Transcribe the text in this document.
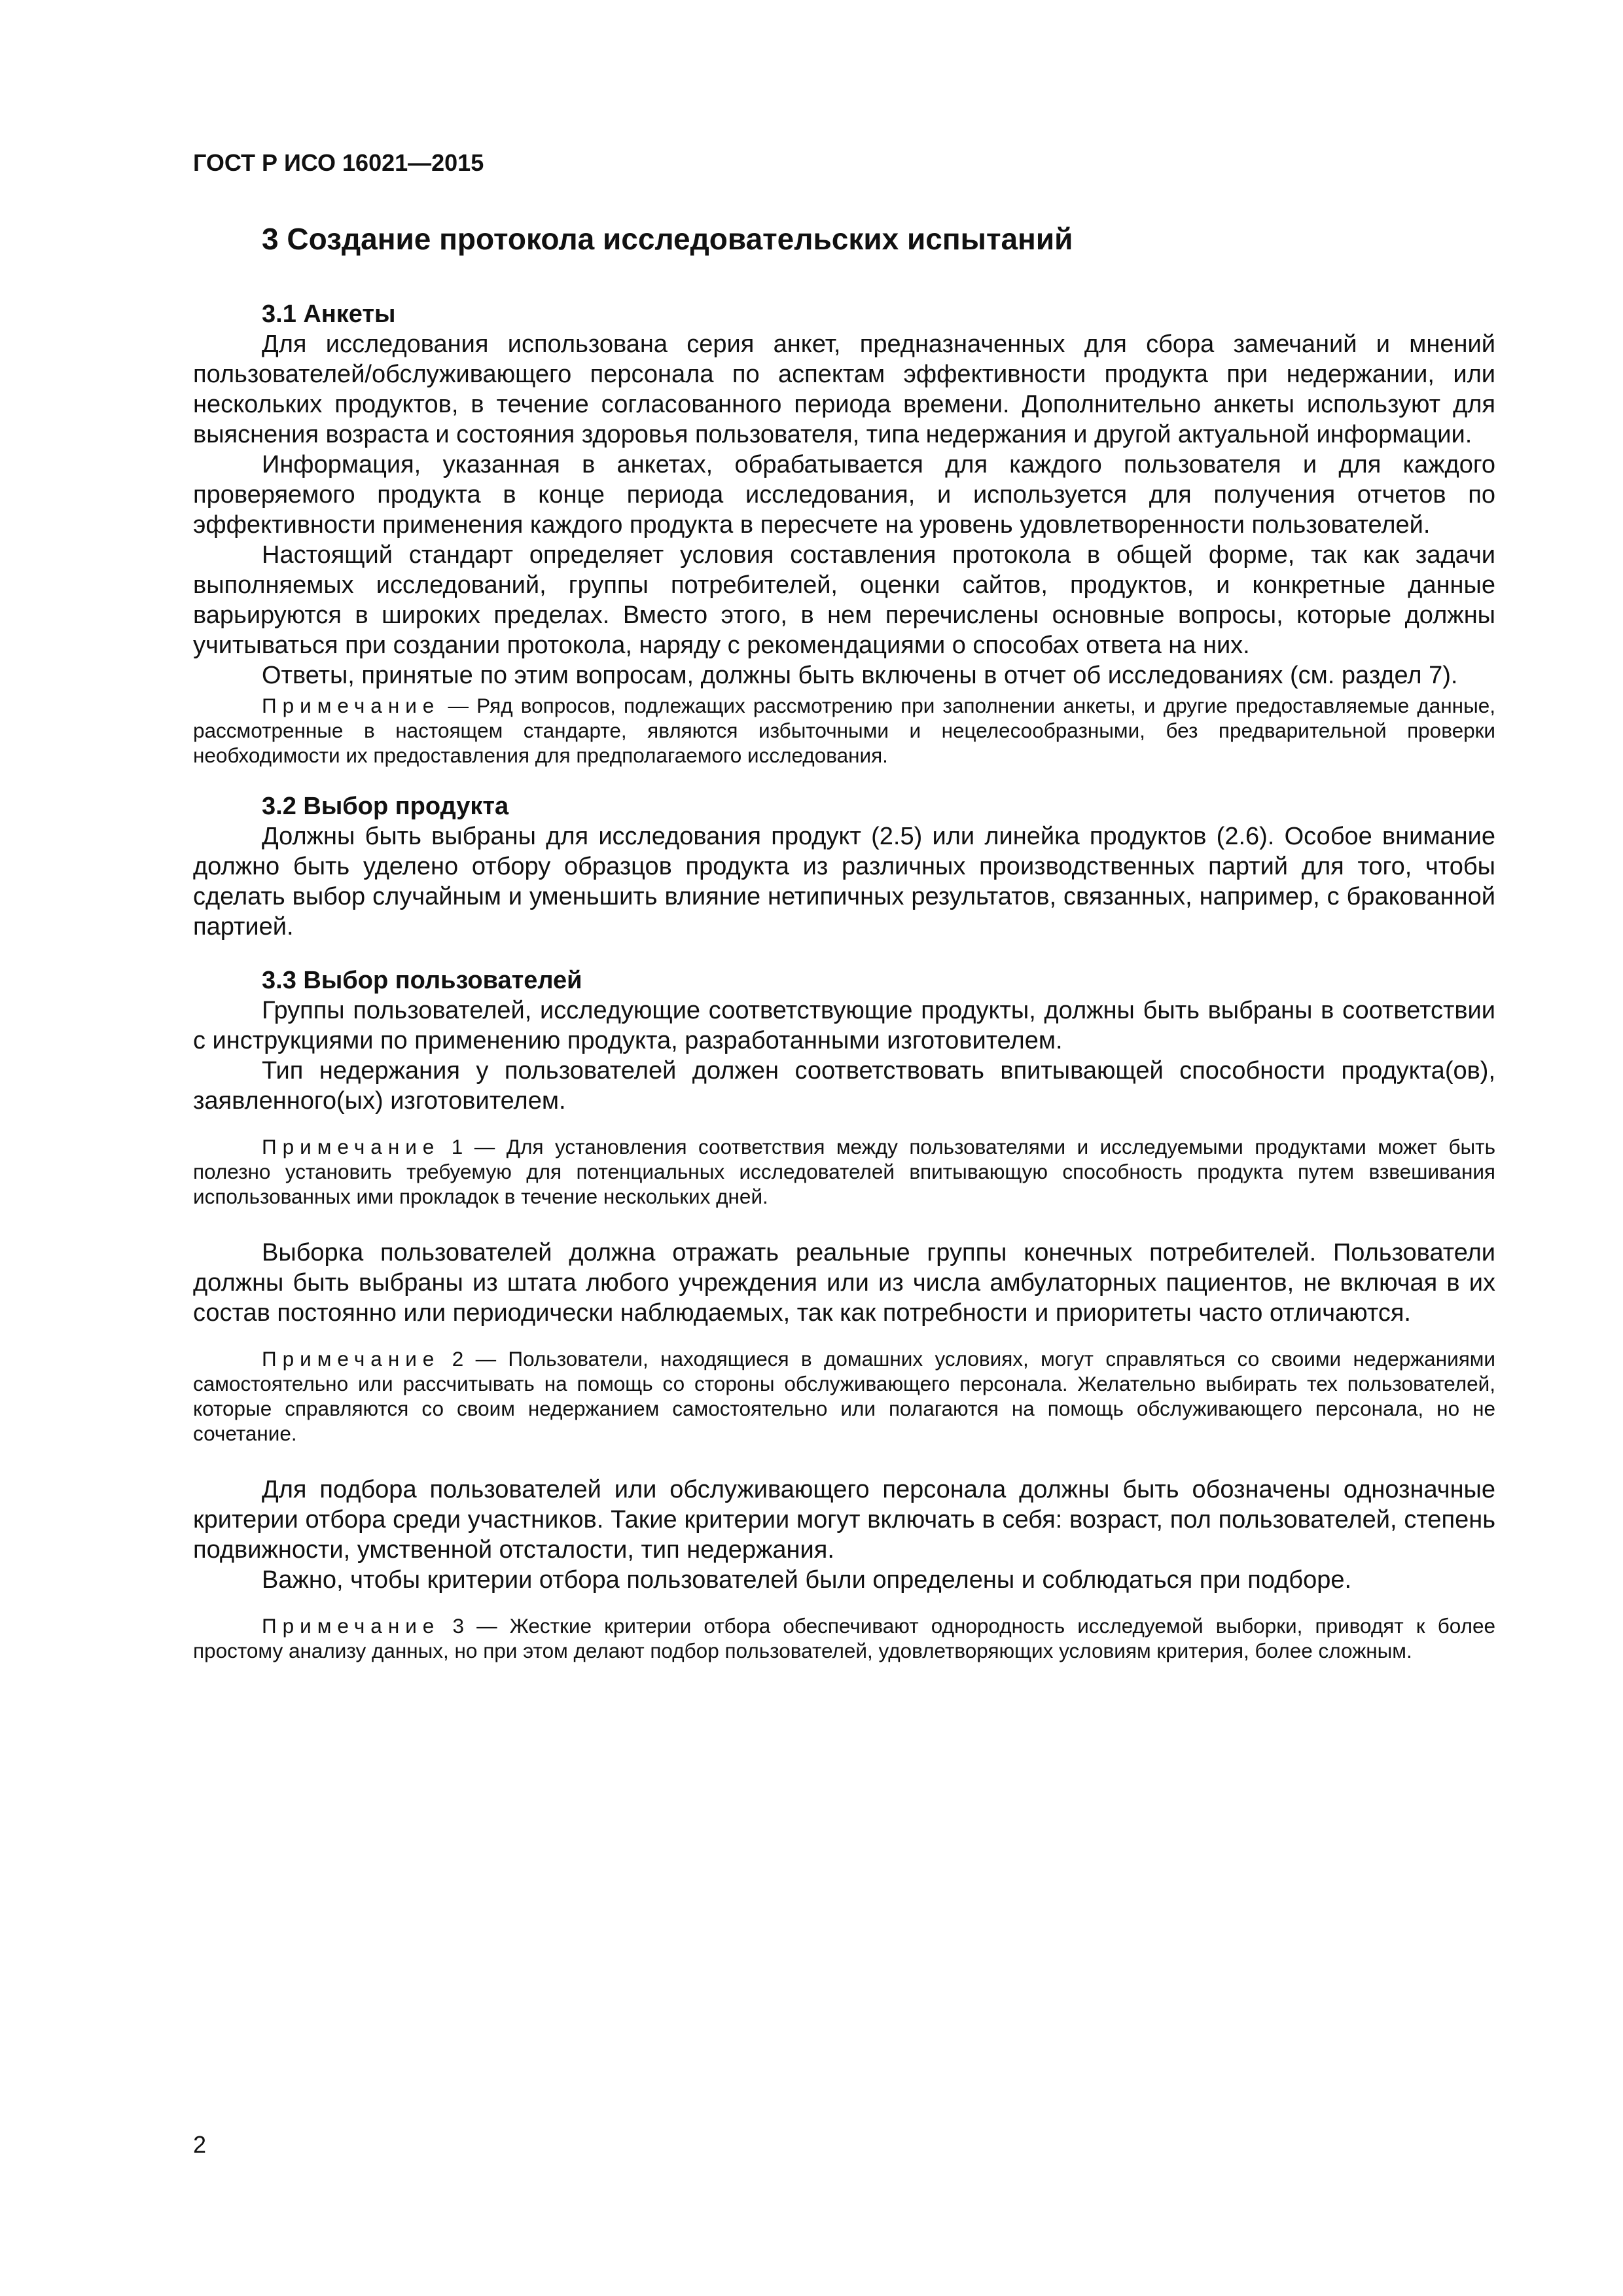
ГОСТ Р ИСО 16021—2015
3 Создание протокола исследовательских испытаний
3.1 Анкеты

Для исследования использована серия анкет, предназначенных для сбора замечаний и мнений пользователей/обслуживающего персонала по аспектам эффективности продукта при недержании, или нескольких продуктов, в течение согласованного периода времени. Дополнительно анкеты используют для выяснения возраста и состояния здоровья пользователя, типа недержания и другой актуальной информации.

Информация, указанная в анкетах, обрабатывается для каждого пользователя и для каждого проверяемого продукта в конце периода исследования, и используется для получения отчетов по эффективности применения каждого продукта в пересчете на уровень удовлетворенности пользователей.

Настоящий стандарт определяет условия составления протокола в общей форме, так как задачи выполняемых исследований, группы потребителей, оценки сайтов, продуктов, и конкретные данные варьируются в широких пределах. Вместо этого, в нем перечислены основные вопросы, которые должны учитываться при создании протокола, наряду с рекомендациями о способах ответа на них.

Ответы, принятые по этим вопросам, должны быть включены в отчет об исследованиях (см. раздел 7).

Примечание — Ряд вопросов, подлежащих рассмотрению при заполнении анкеты, и другие предоставляемые данные, рассмотренные в настоящем стандарте, являются избыточными и нецелесообразными, без предварительной проверки необходимости их предоставления для предполагаемого исследования.

3.2 Выбор продукта

Должны быть выбраны для исследования продукт (2.5) или линейка продуктов (2.6). Особое внимание должно быть уделено отбору образцов продукта из различных производственных партий для того, чтобы сделать выбор случайным и уменьшить влияние нетипичных результатов, связанных, например, с бракованной партией.

3.3 Выбор пользователей

Группы пользователей, исследующие соответствующие продукты, должны быть выбраны в соответствии с инструкциями по применению продукта, разработанными изготовителем.

Тип недержания у пользователей должен соответствовать впитывающей способности продукта(ов), заявленного(ых) изготовителем.

Примечание 1 — Для установления соответствия между пользователями и исследуемыми продуктами может быть полезно установить требуемую для потенциальных исследователей впитывающую способность продукта путем взвешивания использованных ими прокладок в течение нескольких дней.

Выборка пользователей должна отражать реальные группы конечных потребителей. Пользователи должны быть выбраны из штата любого учреждения или из числа амбулаторных пациентов, не включая в их состав постоянно или периодически наблюдаемых, так как потребности и приоритеты часто отличаются.

Примечание 2 — Пользователи, находящиеся в домашних условиях, могут справляться со своими недержаниями самостоятельно или рассчитывать на помощь со стороны обслуживающего персонала. Желательно выбирать тех пользователей, которые справляются со своим недержанием самостоятельно или полагаются на помощь обслуживающего персонала, но не сочетание.

Для подбора пользователей или обслуживающего персонала должны быть обозначены однозначные критерии отбора среди участников. Такие критерии могут включать в себя: возраст, пол пользователей, степень подвижности, умственной отсталости, тип недержания.

Важно, чтобы критерии отбора пользователей были определены и соблюдаться при подборе.

Примечание 3 — Жесткие критерии отбора обеспечивают однородность исследуемой выборки, приводят к более простому анализу данных, но при этом делают подбор пользователей, удовлетворяющих условиям критерия, более сложным.

2
